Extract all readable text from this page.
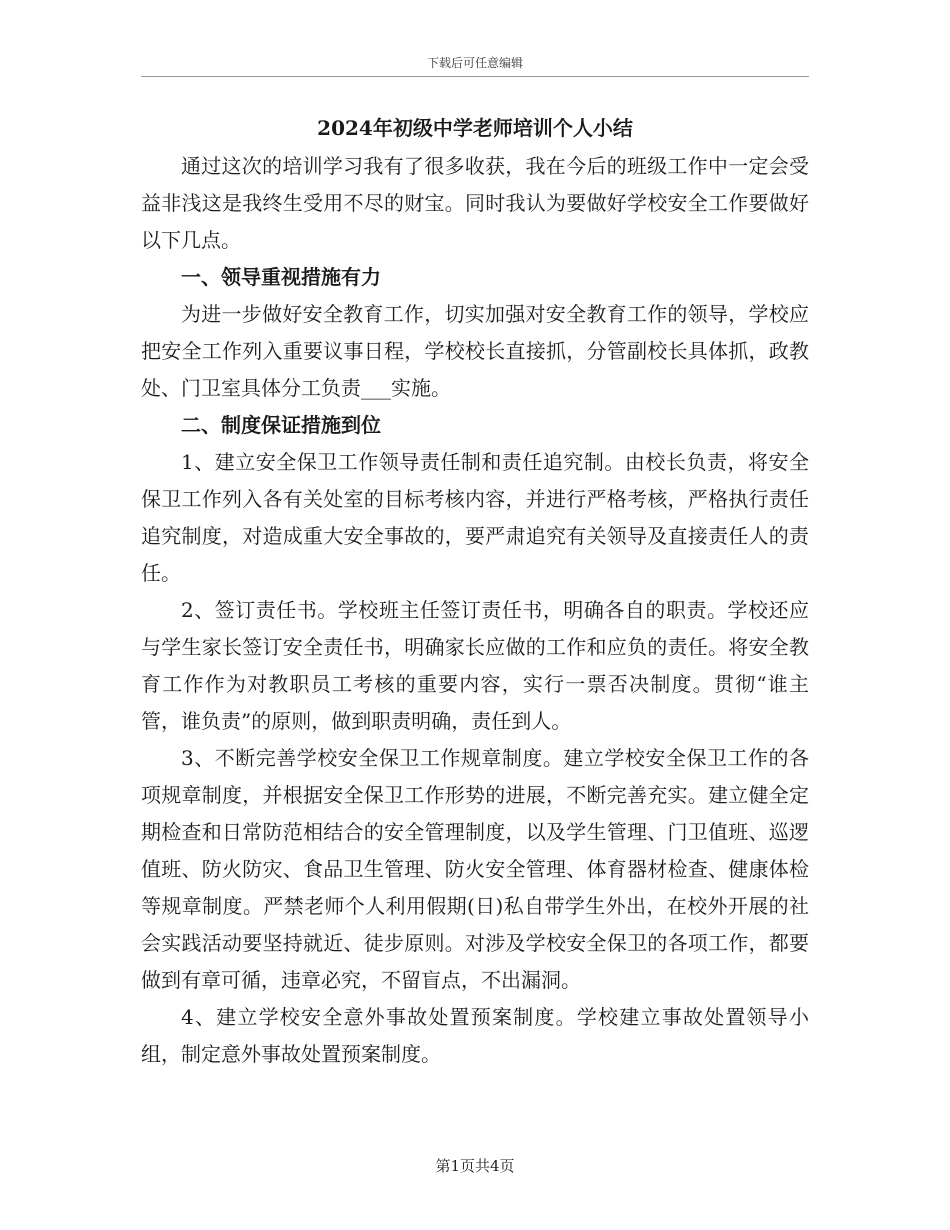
下载后可任意编辑
2024年初级中学老师培训个人小结

通过这次的培训学习我有了很多收获，我在今后的班级工作中一定会受益非浅这是我终生受用不尽的财宝。同时我认为要做好学校安全工作要做好以下几点。

一、领导重视措施有力

为进一步做好安全教育工作，切实加强对安全教育工作的领导，学校应把安全工作列入重要议事日程，学校校长直接抓，分管副校长具体抓，政教处、门卫室具体分工负责___实施。

二、制度保证措施到位

1、建立安全保卫工作领导责任制和责任追究制。由校长负责，将安全保卫工作列入各有关处室的目标考核内容，并进行严格考核，严格执行责任追究制度，对造成重大安全事故的，要严肃追究有关领导及直接责任人的责任。

2、签订责任书。学校班主任签订责任书，明确各自的职责。学校还应与学生家长签订安全责任书，明确家长应做的工作和应负的责任。将安全教育工作作为对教职员工考核的重要内容，实行一票否决制度。贯彻“谁主管，谁负责”的原则，做到职责明确，责任到人。

3、不断完善学校安全保卫工作规章制度。建立学校安全保卫工作的各项规章制度，并根据安全保卫工作形势的进展，不断完善充实。建立健全定期检查和日常防范相结合的安全管理制度，以及学生管理、门卫值班、巡逻值班、防火防灾、食品卫生管理、防火安全管理、体育器材检查、健康体检等规章制度。严禁老师个人利用假期(日)私自带学生外出，在校外开展的社会实践活动要坚持就近、徒步原则。对涉及学校安全保卫的各项工作，都要做到有章可循，违章必究，不留盲点，不出漏洞。

4、建立学校安全意外事故处置预案制度。学校建立事故处置领导小组，制定意外事故处置预案制度。

第1页共4页
